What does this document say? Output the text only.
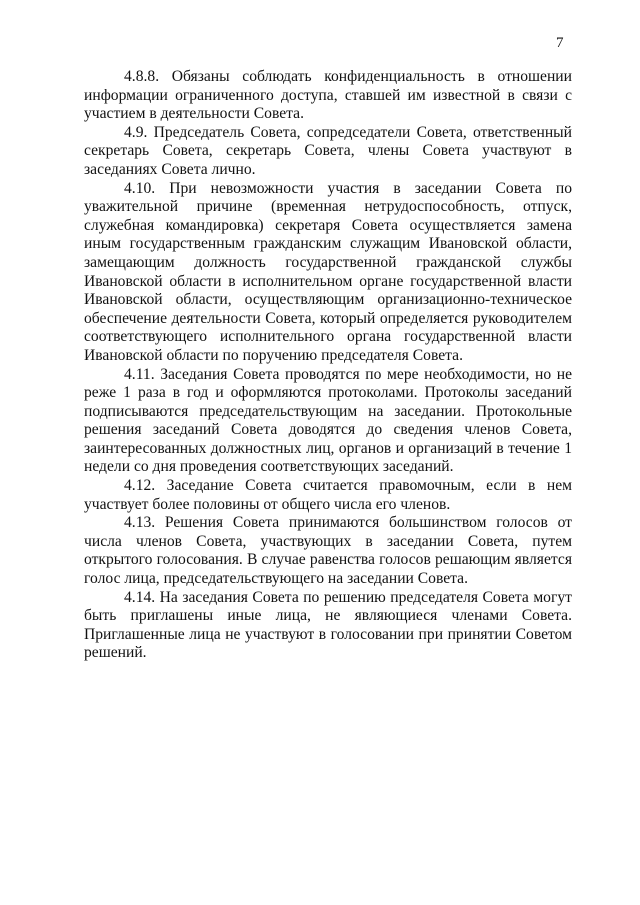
7

4.8.8. Обязаны соблюдать конфиденциальность в отношении информации ограниченного доступа, ставшей им известной в связи с участием в деятельности Совета.

4.9. Председатель Совета, сопредседатели Совета, ответственный секретарь Совета, секретарь Совета, члены Совета участвуют в заседаниях Совета лично.

4.10. При невозможности участия в заседании Совета по уважительной причине (временная нетрудоспособность, отпуск, служебная командировка) секретаря Совета осуществляется замена иным государственным гражданским служащим Ивановской области, замещающим должность государственной гражданской службы Ивановской области в исполнительном органе государственной власти Ивановской области, осуществляющим организационно-техническое обеспечение деятельности Совета, который определяется руководителем соответствующего исполнительного органа государственной власти Ивановской области по поручению председателя Совета.

4.11. Заседания Совета проводятся по мере необходимости, но не реже 1 раза в год и оформляются протоколами. Протоколы заседаний подписываются председательствующим на заседании. Протокольные решения заседаний Совета доводятся до сведения членов Совета, заинтересованных должностных лиц, органов и организаций в течение 1 недели со дня проведения соответствующих заседаний.

4.12. Заседание Совета считается правомочным, если в нем участвует более половины от общего числа его членов.

4.13. Решения Совета принимаются большинством голосов от числа членов Совета, участвующих в заседании Совета, путем открытого голосования. В случае равенства голосов решающим является голос лица, председательствующего на заседании Совета.

4.14. На заседания Совета по решению председателя Совета могут быть приглашены иные лица, не являющиеся членами Совета. Приглашенные лица не участвуют в голосовании при принятии Советом решений.
